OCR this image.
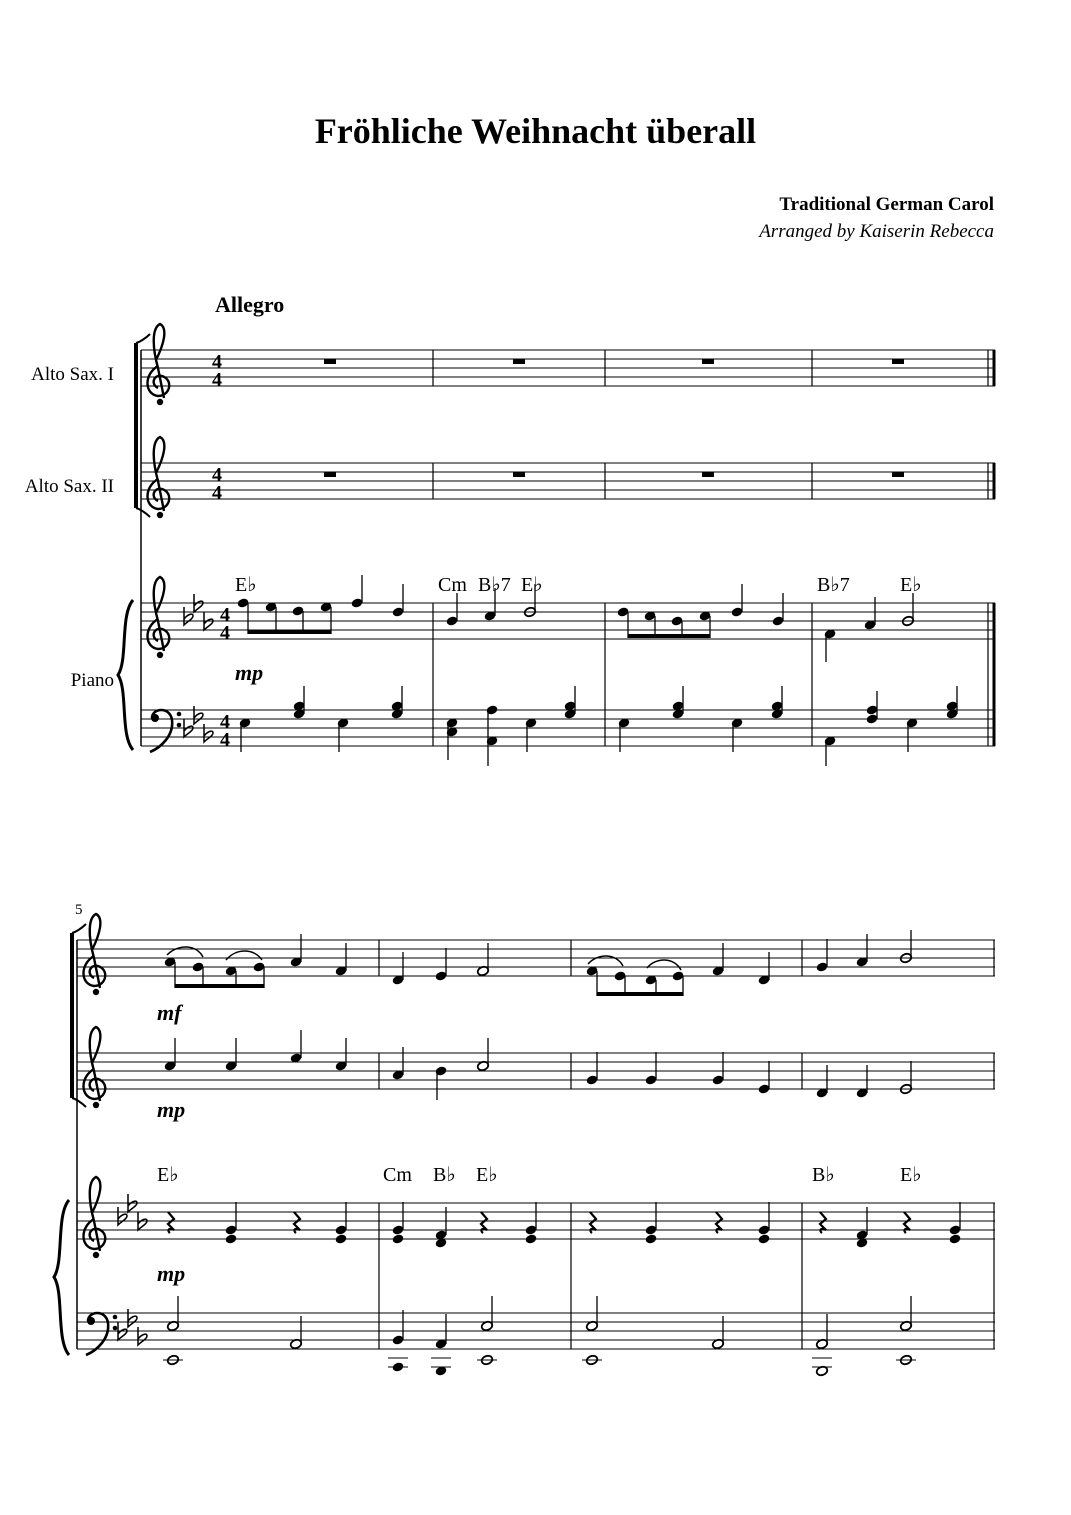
Fröhliche Weihnacht überall
Traditional German Carol
Arranged by Kaiserin Rebecca
Allegro
Alto Sax. I
Alto Sax. II
Piano
5
4
4
4
4
4
4
4
4
E♭	Cm B♭7 E♭	B♭7	E♭
mp
mf
mp
mp
E♭	Cm B♭ E♭	B♭	E♭
